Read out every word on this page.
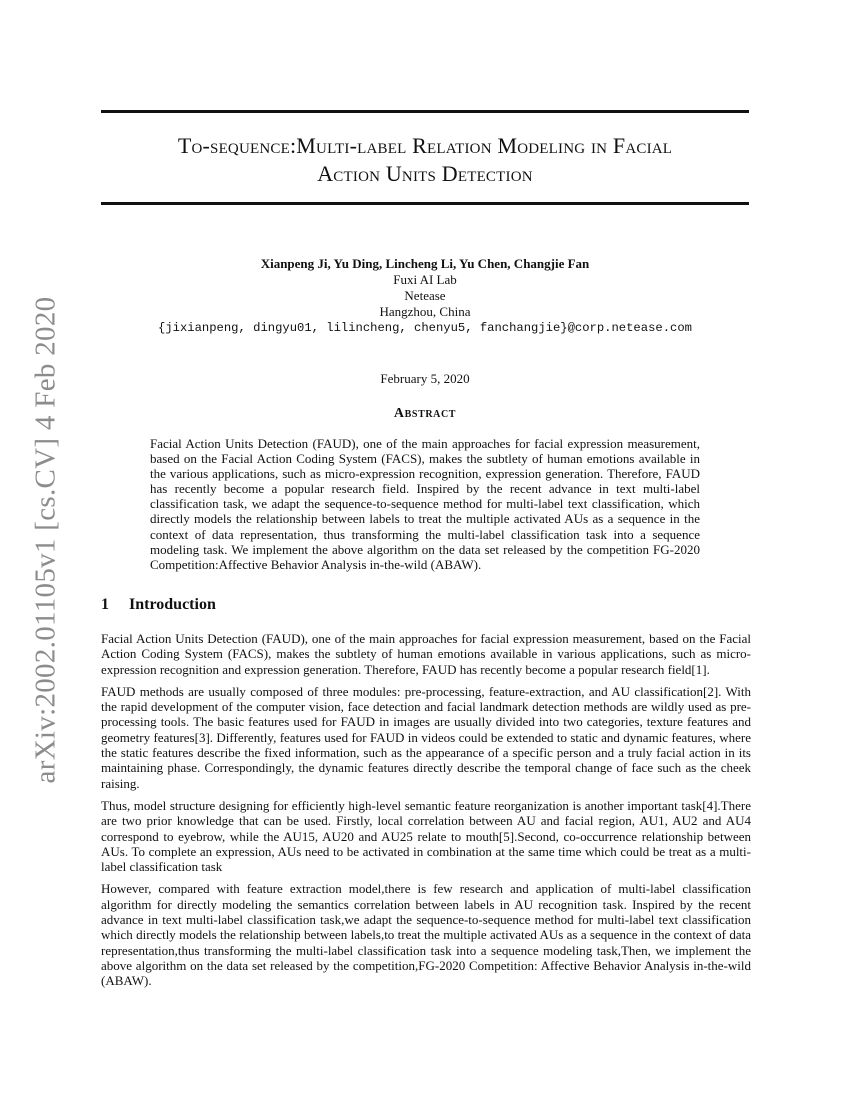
arXiv:2002.01105v1 [cs.CV] 4 Feb 2020
To-sequence:Multi-label Relation Modeling in Facial
Action Units Detection
Xianpeng Ji, Yu Ding, Lincheng Li, Yu Chen, Changjie Fan
Fuxi AI Lab
Netease
Hangzhou, China
{jixianpeng, dingyu01, lilincheng, chenyu5, fanchangjie}@corp.netease.com
February 5, 2020
Abstract
Facial Action Units Detection (FAUD), one of the main approaches for facial expression measurement, based on the Facial Action Coding System (FACS), makes the subtlety of human emotions available in the various applications, such as micro-expression recognition, expression generation. Therefore, FAUD has recently become a popular research field. Inspired by the recent advance in text multi-label classification task, we adapt the sequence-to-sequence method for multi-label text classification, which directly models the relationship between labels to treat the multiple activated AUs as a sequence in the context of data representation, thus transforming the multi-label classification task into a sequence modeling task. We implement the above algorithm on the data set released by the competition FG-2020 Competition:Affective Behavior Analysis in-the-wild (ABAW).
1 Introduction

Facial Action Units Detection (FAUD), one of the main approaches for facial expression measurement, based on the Facial Action Coding System (FACS), makes the subtlety of human emotions available in various applications, such as micro-expression recognition and expression generation. Therefore, FAUD has recently become a popular research field[1].

FAUD methods are usually composed of three modules: pre-processing, feature-extraction, and AU classification[2]. With the rapid development of the computer vision, face detection and facial landmark detection methods are wildly used as pre-processing tools. The basic features used for FAUD in images are usually divided into two categories, texture features and geometry features[3]. Differently, features used for FAUD in videos could be extended to static and dynamic features, where the static features describe the fixed information, such as the appearance of a specific person and a truly facial action in its maintaining phase. Correspondingly, the dynamic features directly describe the temporal change of face such as the cheek raising.

Thus, model structure designing for efficiently high-level semantic feature reorganization is another important task[4].There are two prior knowledge that can be used. Firstly, local correlation between AU and facial region, AU1, AU2 and AU4 correspond to eyebrow, while the AU15, AU20 and AU25 relate to mouth[5].Second, co-occurrence relationship between AUs. To complete an expression, AUs need to be activated in combination at the same time which could be treat as a multi-label classification task

However, compared with feature extraction model,there is few research and application of multi-label classification algorithm for directly modeling the semantics correlation between labels in AU recognition task. Inspired by the recent advance in text multi-label classification task,we adapt the sequence-to-sequence method for multi-label text classification which directly models the relationship between labels,to treat the multiple activated AUs as a sequence in the context of data representation,thus transforming the multi-label classification task into a sequence modeling task,Then, we implement the above algorithm on the data set released by the competition,FG-2020 Competition: Affective Behavior Analysis in-the-wild (ABAW).
